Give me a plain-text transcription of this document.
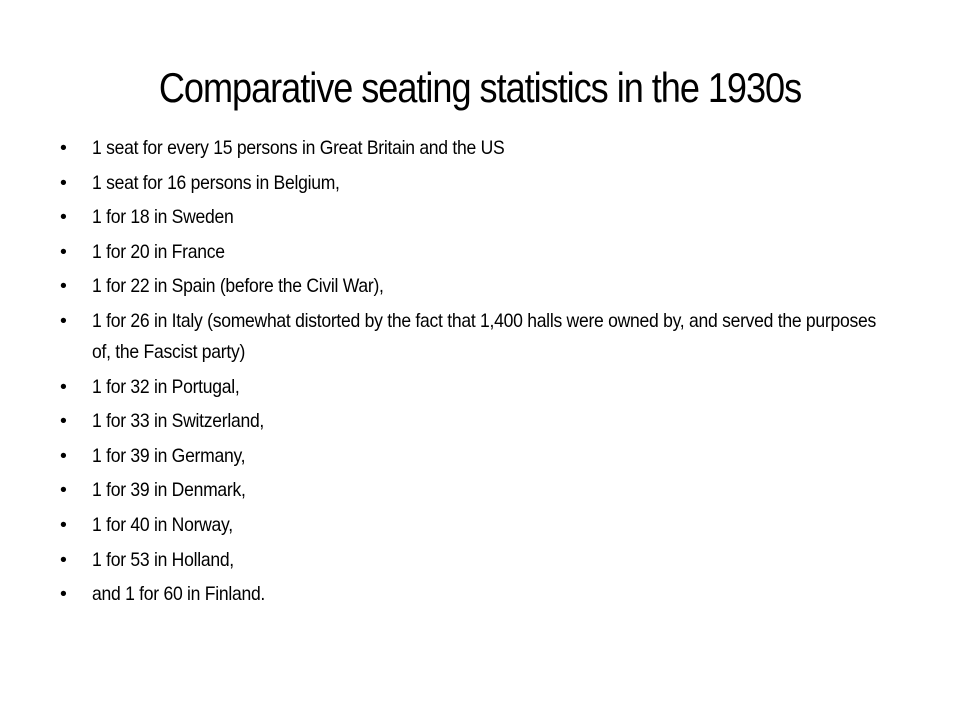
Comparative seating statistics in the 1930s
•	1 seat for every 15 persons in Great Britain and the US
•	1 seat for 16 persons in Belgium,
•	1 for 18 in Sweden
•	1 for 20 in France
•	1 for 22 in Spain (before the Civil War),
•	1 for 26 in Italy (somewhat distorted by the fact that 1,400 halls were owned by, and served the purposes of, the Fascist party)
•	1 for 32 in Portugal,
•	1 for 33 in Switzerland,
•	1 for 39 in Germany,
•	1 for 39 in Denmark,
•	1 for 40 in Norway,
•	1 for 53 in Holland,
•	and 1 for 60 in Finland.
